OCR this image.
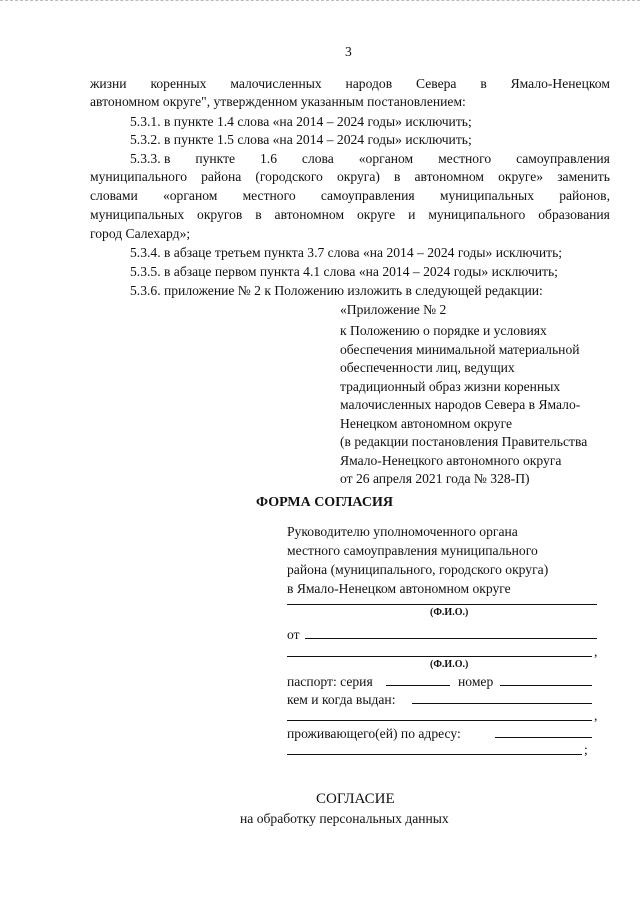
3
жизни коренных малочисленных народов Севера в Ямало-Ненецком
автономном округе", утвержденном указанным постановлением:
5.3.1. в пункте 1.4 слова «на 2014 – 2024 годы» исключить;
5.3.2. в пункте 1.5 слова «на 2014 – 2024 годы» исключить;
5.3.3. в пункте 1.6 слова «органом местного самоуправления
муниципального района (городского округа) в автономном округе» заменить
словами «органом местного самоуправления муниципальных районов,
муниципальных округов в автономном округе и муниципального образования
город Салехард»;
5.3.4. в абзаце третьем пункта 3.7 слова «на 2014 – 2024 годы» исключить;
5.3.5. в абзаце первом пункта 4.1 слова «на 2014 – 2024 годы» исключить;
5.3.6. приложение № 2 к Положению изложить в следующей редакции:
«Приложение № 2
к Положению о порядке и условиях
обеспечения минимальной материальной
обеспеченности лиц, ведущих
традиционный образ жизни коренных
малочисленных народов Севера в Ямало-
Ненецком автономном округе
(в редакции постановления Правительства
Ямало-Ненецкого автономного округа
от 26 апреля 2021 года № 328-П)
ФОРМА СОГЛАСИЯ
Руководителю уполномоченного органа
местного самоуправления муниципального
района (муниципального, городского округа)
в Ямало-Ненецком автономном округе
(Ф.И.О.)
от
,
(Ф.И.О.)
паспорт: серия	номер
кем и когда выдан:
,
проживающего(ей) по адресу:
;
СОГЛАСИЕ
на обработку персональных данных
